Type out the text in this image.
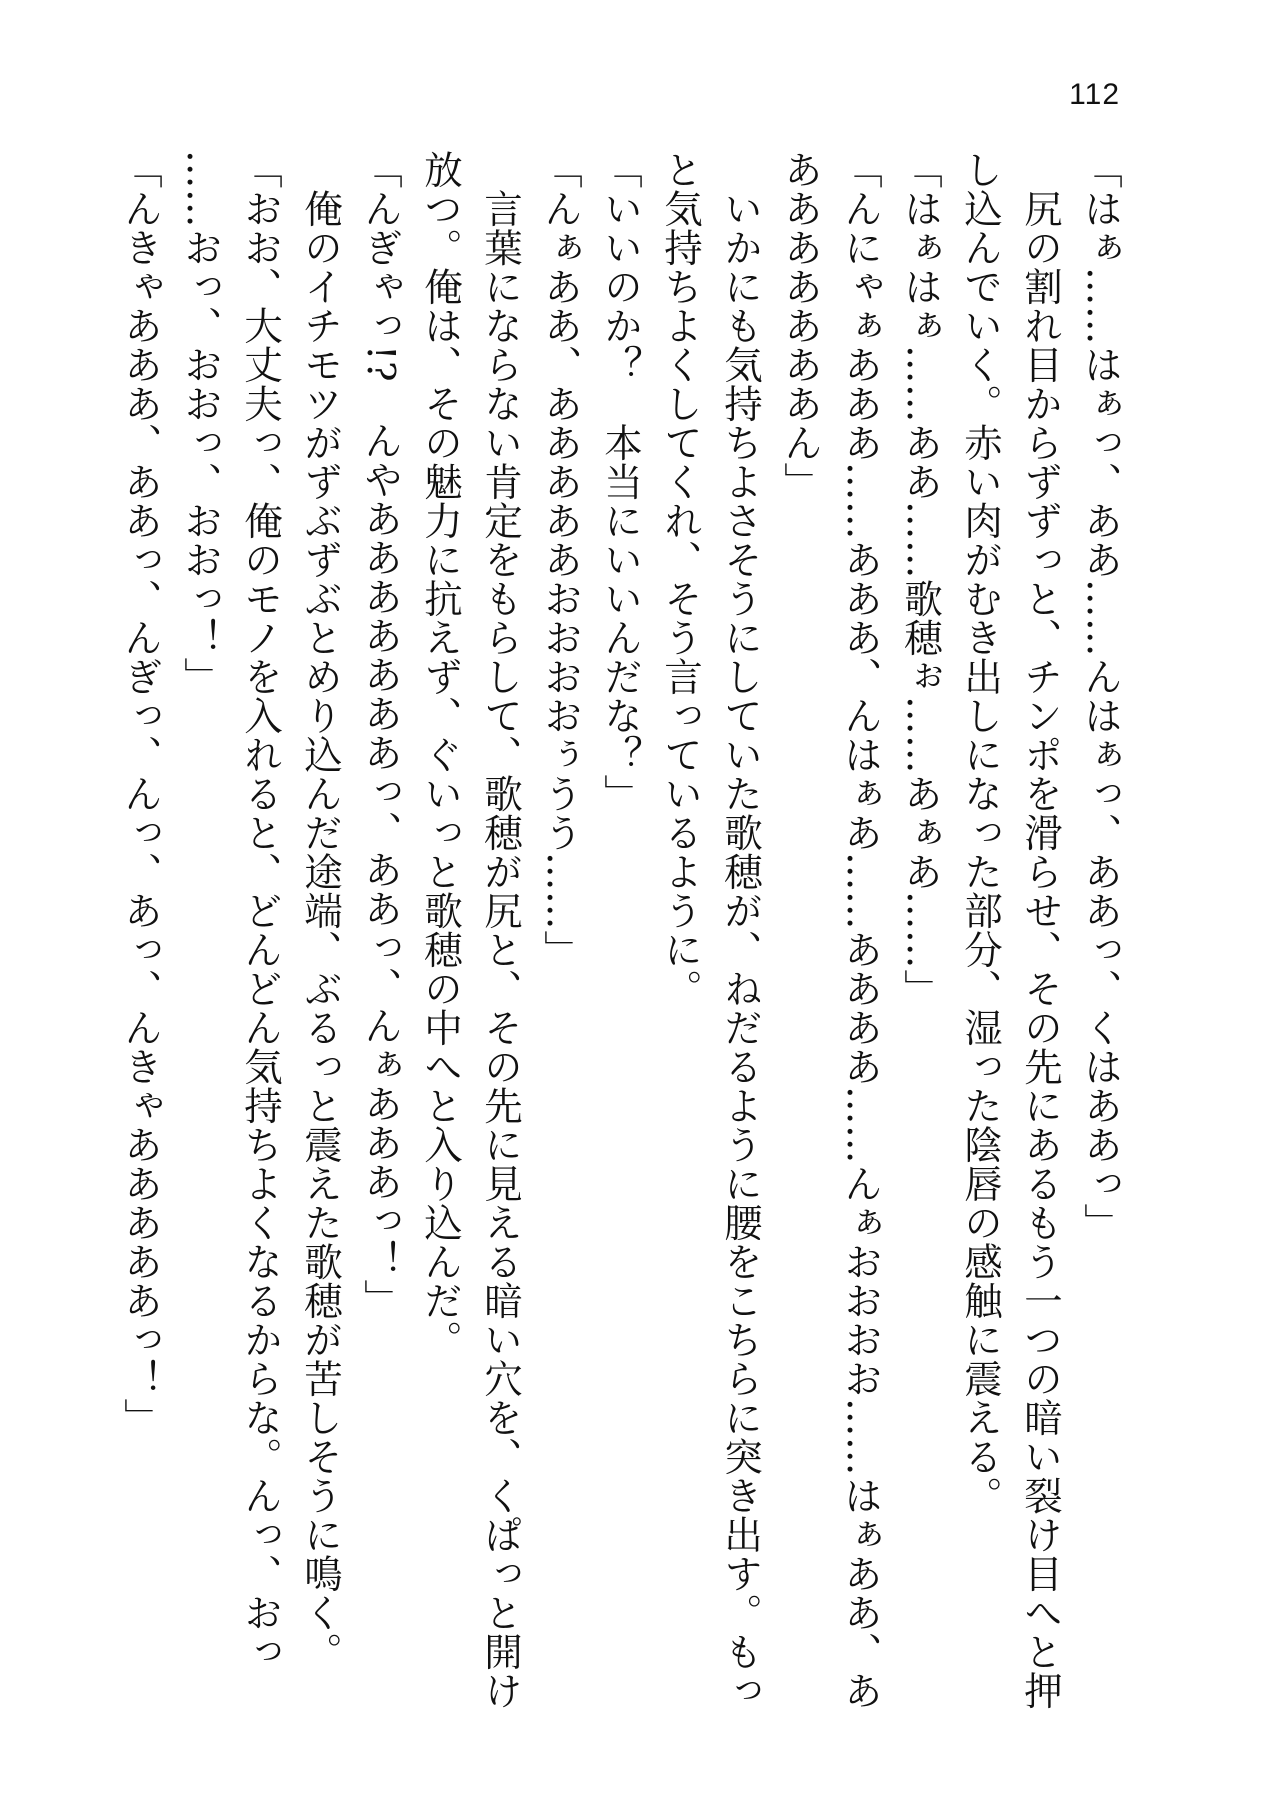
112
「はぁ……はぁっ、ああ……んはぁっ、ああっ、くはああっ」
尻の割れ目からずずっと、チンポを滑らせ、その先にあるもう一つの暗い裂け目へと押
し込んでいく。赤い肉がむき出しになった部分、湿った陰唇の感触に震える。
「はぁはぁ……ああ……歌穂ぉ……あぁあ……」
「んにゃぁあああ……あああ、んはぁあ……ああああ……んぁおおおお……はぁああ、あ
あああああああん」
いかにも気持ちよさそうにしていた歌穂が、ねだるように腰をこちらに突き出す。もっ
と気持ちよくしてくれ、そう言っているように。
「いいのか？　本当にいいんだな？」
「んぁああ、あああああおおおおぅうう……」
言葉にならない肯定をもらして、歌穂が尻と、その先に見える暗い穴を、くぱっと開け
放つ。俺は、その魅力に抗えず、ぐいっと歌穂の中へと入り込んだ。
「んぎゃっ!?　んやあああああああっ、ああっ、んぁあああっ！」
俺のイチモツがずぶずぶとめり込んだ途端、ぶるっと震えた歌穂が苦しそうに鳴く。
「おお、大丈夫っ、俺のモノを入れると、どんどん気持ちよくなるからな。んっ、おっ
……おっ、おおっ、おおっ！」
「んきゃあああ、ああっ、んぎっ、んっ、あっ、んきゃあああああっ！」
